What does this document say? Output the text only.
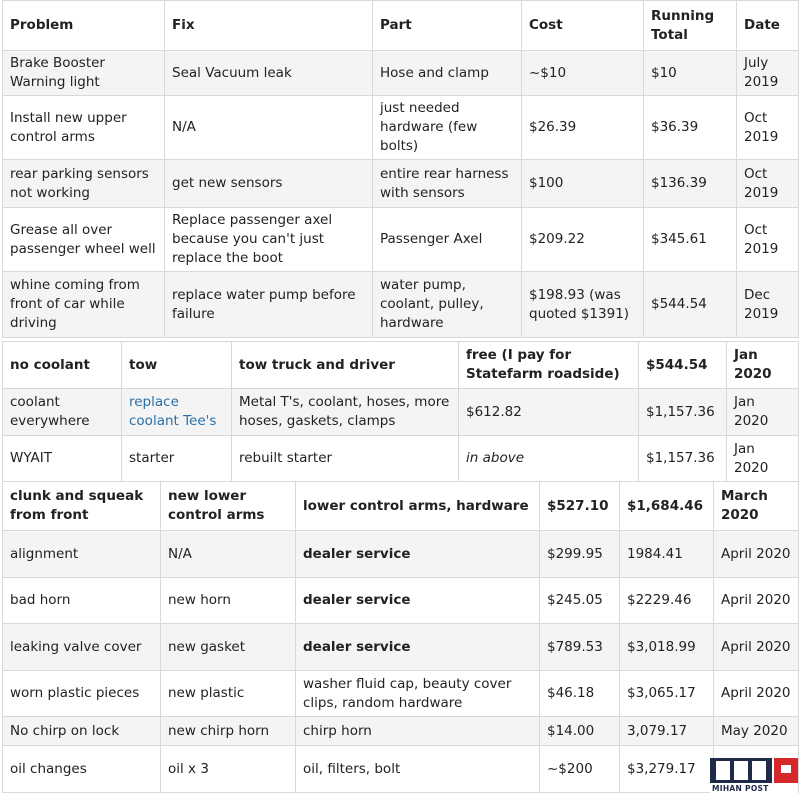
Problem	Fix	Part	Cost	Running Total	Date
Brake Booster Warning light	Seal Vacuum leak	Hose and clamp	~$10	$10	July 2019
Install new upper control arms	N/A	just needed hardware (few bolts)	$26.39	$36.39	Oct 2019
rear parking sensors not working	get new sensors	entire rear harness with sensors	$100	$136.39	Oct 2019
Grease all over passenger wheel well	Replace passenger axel because you can't just replace the boot	Passenger Axel	$209.22	$345.61	Oct 2019
whine coming from front of car while driving	replace water pump before failure	water pump, coolant, pulley, hardware	$198.93 (was quoted $1391)	$544.54	Dec 2019
no coolant	tow	tow truck and driver	free (I pay for Statefarm roadside)	$544.54	Jan 2020
coolant everywhere	replace coolant Tee's	Metal T's, coolant, hoses, more hoses, gaskets, clamps	$612.82	$1,157.36	Jan 2020
WYAIT	starter	rebuilt starter	in above	$1,157.36	Jan 2020
clunk and squeak from front	new lower control arms	lower control arms, hardware	$527.10	$1,684.46	March 2020
alignment	N/A	dealer service	$299.95	1984.41	April 2020
bad horn	new horn	dealer service	$245.05	$2229.46	April 2020
leaking valve cover	new gasket	dealer service	$789.53	$3,018.99	April 2020
worn plastic pieces	new plastic	washer fluid cap, beauty cover clips, random hardware	$46.18	$3,065.17	April 2020
No chirp on lock	new chirp horn	chirp horn	$14.00	3,079.17	May 2020
oil changes	oil x 3	oil, filters, bolt	~$200	$3,279.17	
MIHAN POST
